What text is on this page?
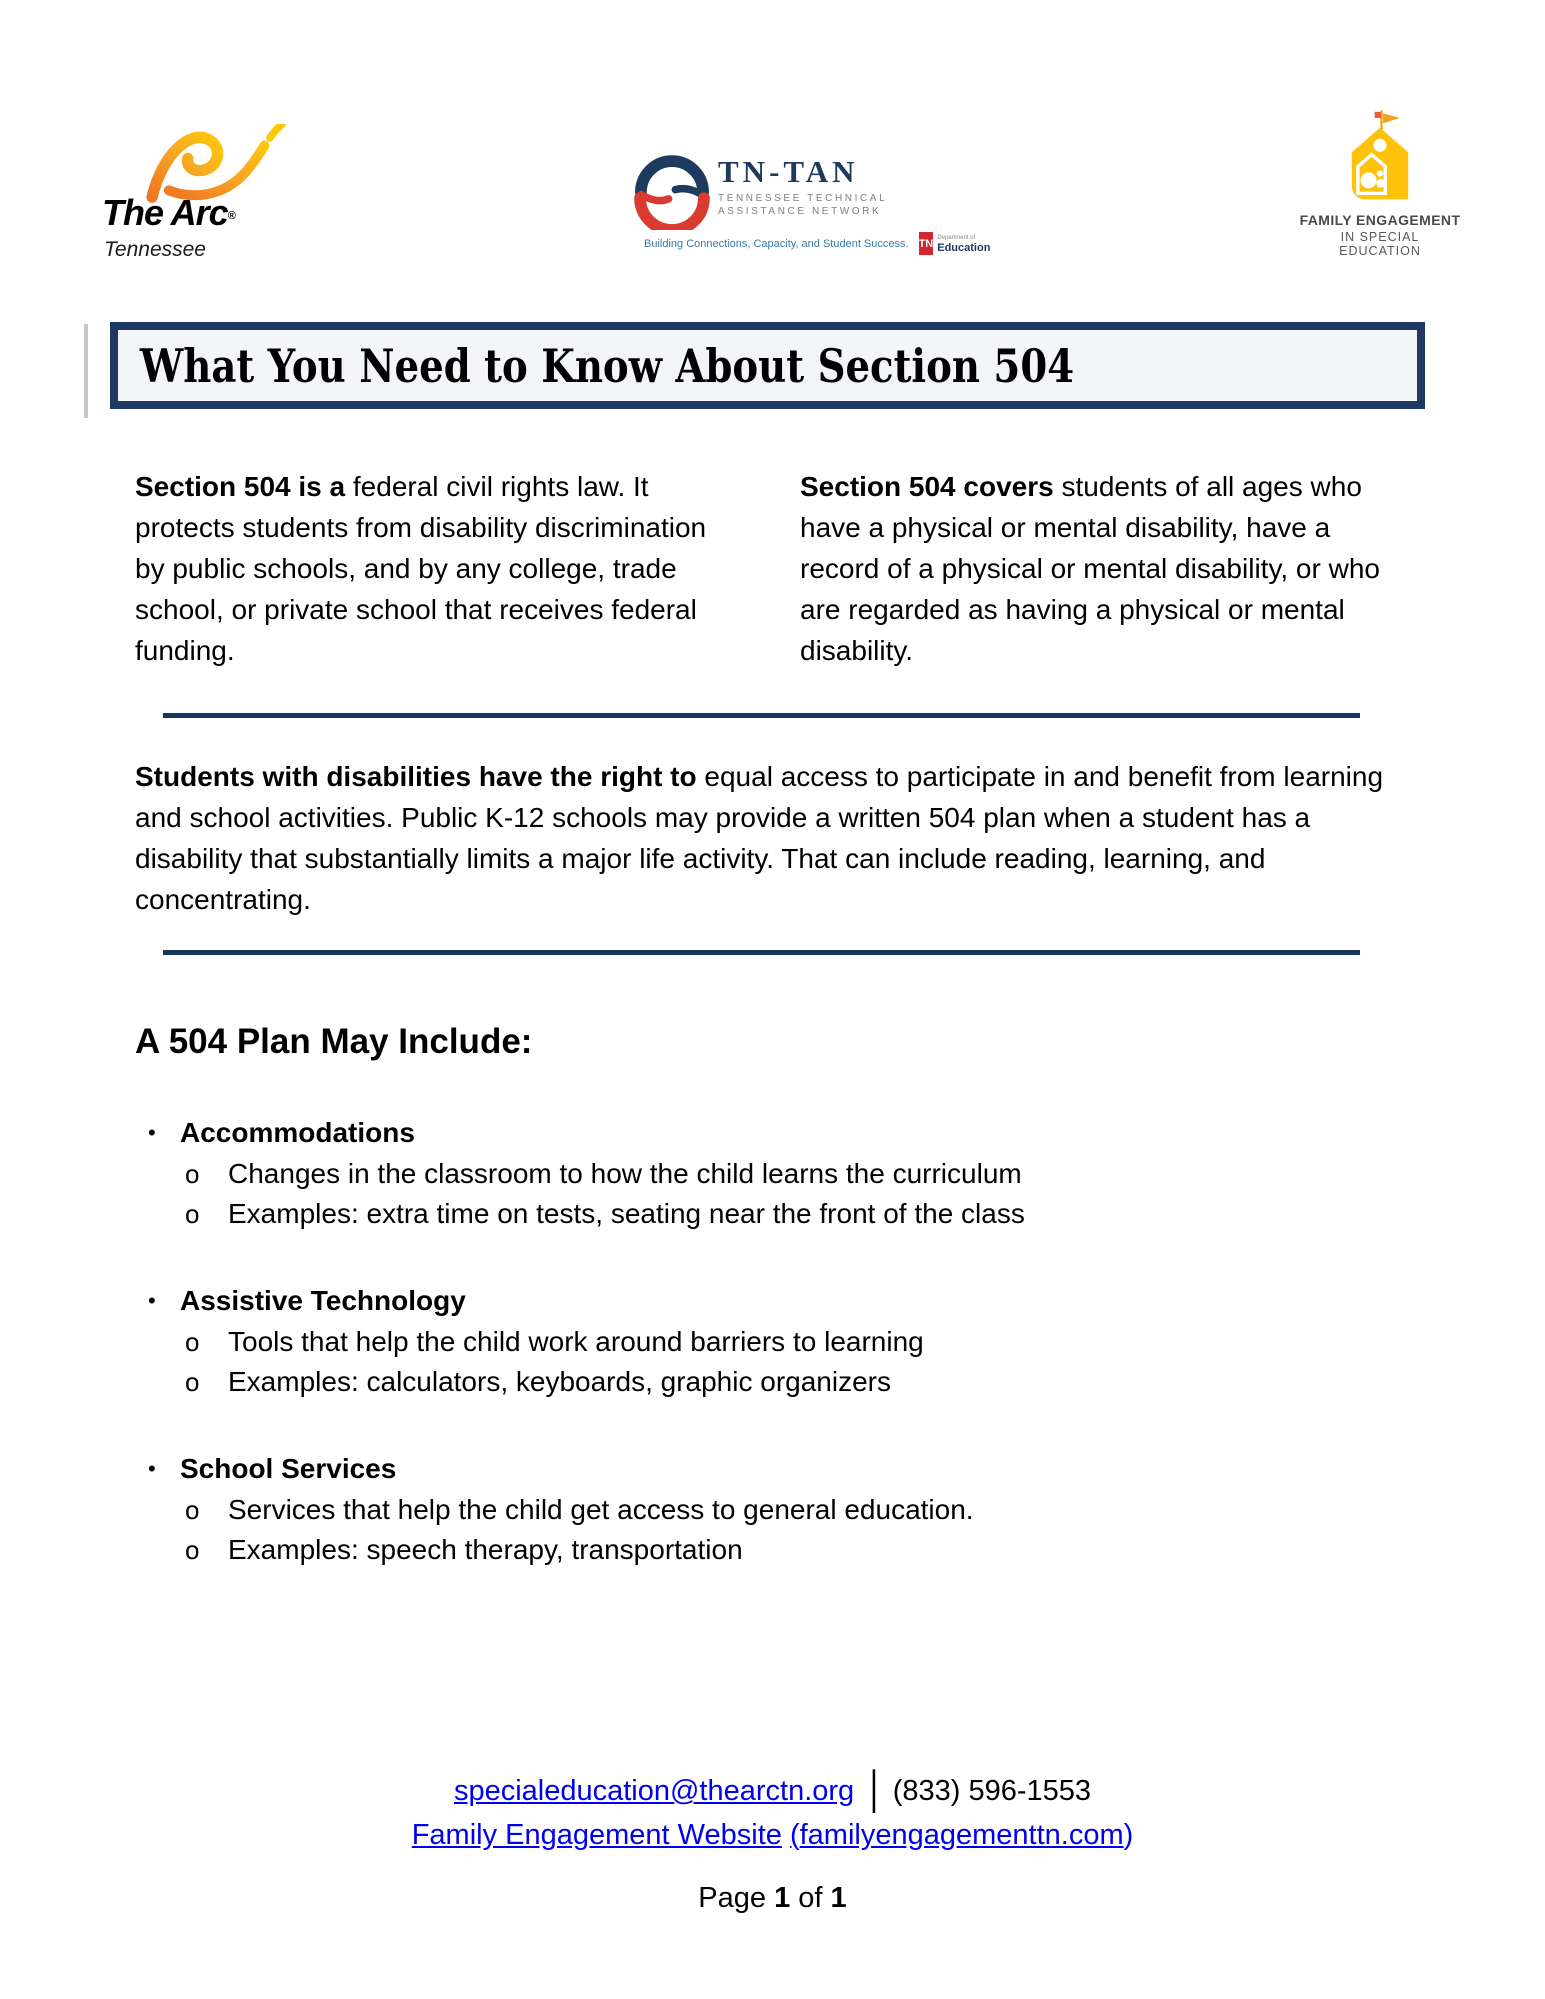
The Arc®
Tennessee
TN-TAN
TENNESSEE TECHNICAL
ASSISTANCE NETWORK
Building Connections, Capacity, and Student Success. TN Department of
Education
FAMILY ENGAGEMENT
IN SPECIAL EDUCATION
What You Need to Know About Section 504
Section 504 is a federal civil rights law. It protects students from disability discrimination by public schools, and by any college, trade school, or private school that receives federal funding.
Section 504 covers students of all ages who have a physical or mental disability, have a record of a physical or mental disability, or who are regarded as having a physical or mental disability.
Students with disabilities have the right to equal access to participate in and benefit from learning and school activities. Public K-12 schools may provide a written 504 plan when a student has a disability that substantially limits a major life activity. That can include reading, learning, and concentrating.
A 504 Plan May Include:
• Accommodations
o	Changes in the classroom to how the child learns the curriculum
o	Examples: extra time on tests, seating near the front of the class
• Assistive Technology
o	Tools that help the child work around barriers to learning
o	Examples: calculators, keyboards, graphic organizers
• School Services
o	Services that help the child get access to general education.
o	Examples: speech therapy, transportation
specialeducation@thearctn.org │ (833) 596-1553
Family Engagement Website (familyengagementtn.com)
Page 1 of 1
